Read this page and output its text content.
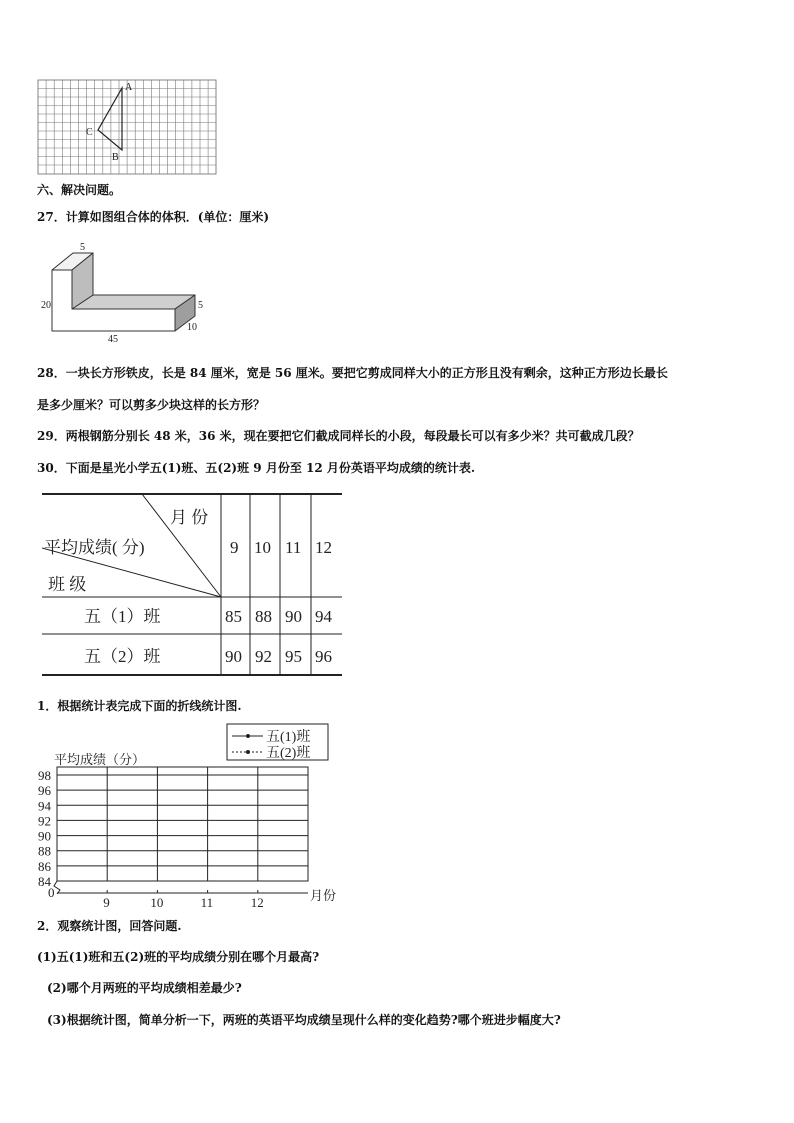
A
B
C
六、解决问题。
27．计算如图组合体的体积．(单位：厘米)
5
20	5
45
10
28．一块长方形铁皮，长是 84 厘米，宽是 56 厘米。要把它剪成同样大小的正方形且没有剩余，这种正方形边长最长
是多少厘米？可以剪多少块这样的长方形？
29．两根钢筋分别长 48 米，36 米，现在要把它们截成同样长的小段，每段最长可以有多少米？共可截成几段？
30．下面是星光小学五(1)班、五(2)班 9 月份至 12 月份英语平均成绩的统计表.
月 份
平均成绩( 分)
班 级
9 10 11 12
五（1）班	85 88 90 94
五（2）班	90 92 95 96
1．根据统计表完成下面的折线统计图.
五(1)班
五(2)班
平均成绩（分）
98
96
94
92
90
88
86
84
0
9	10	11	12	月份
2．观察统计图，回答问题.
(1)五(1)班和五(2)班的平均成绩分别在哪个月最高?
(2)哪个月两班的平均成绩相差最少?
(3)根据统计图，简单分析一下，两班的英语平均成绩呈现什么样的变化趋势?哪个班进步幅度大?
